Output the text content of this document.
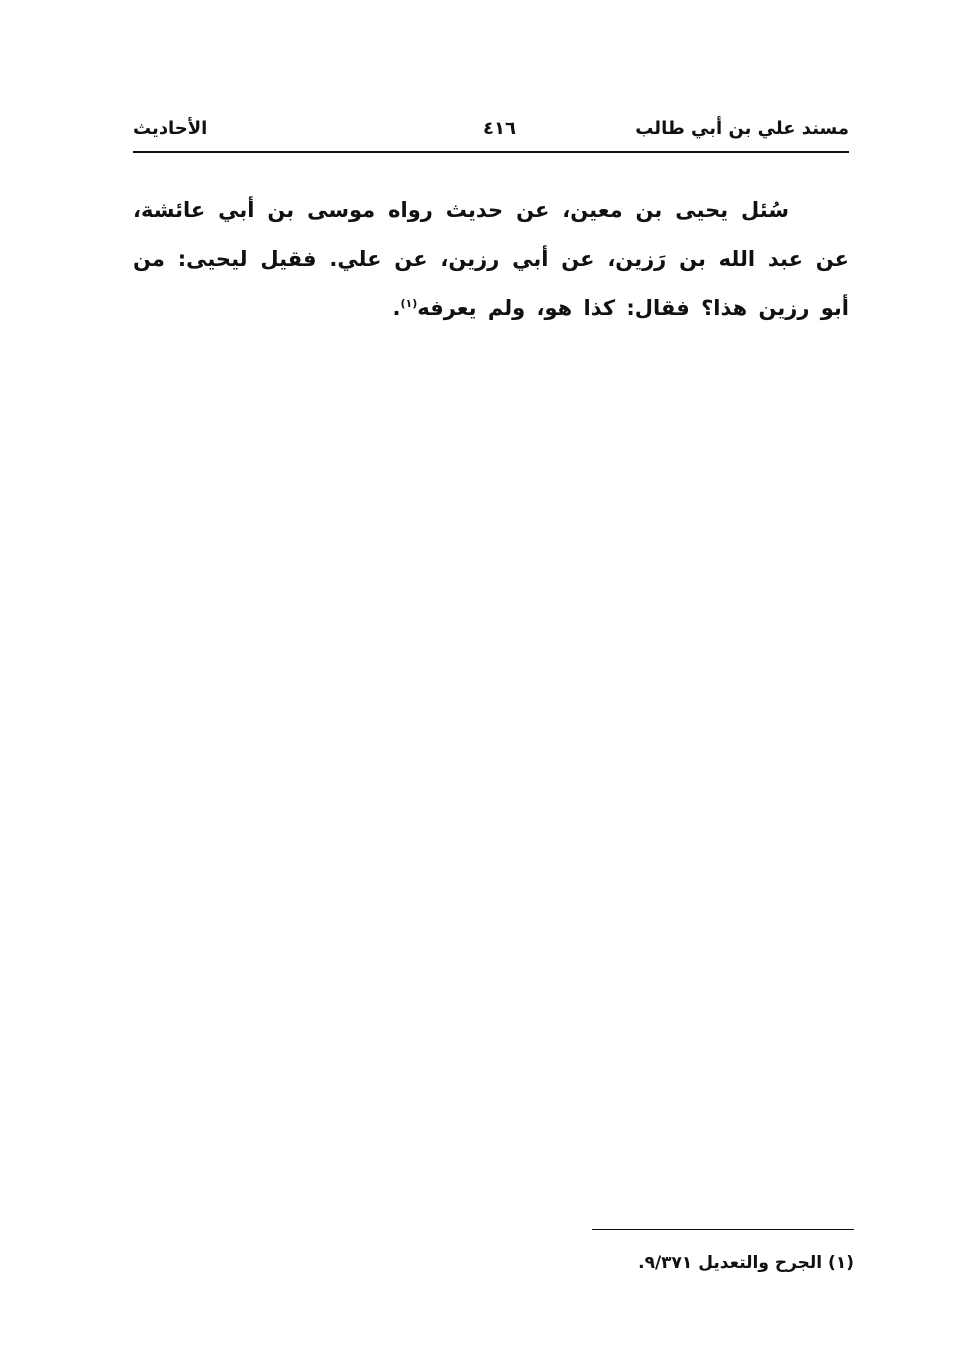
مسند علي بن أبي طالب
٤١٦
الأحاديث
سُئل يحيى بن معين، عن حديث رواه موسى بن أبي عائشة، عن عبد الله بن رَزين، عن أبي رزين، عن علي. فقيل ليحيى: من أبو رزين هذا؟ فقال: كذا هو، ولم يعرفه$^{(١)}$.
(١) الجرح والتعديل ٩/٣٧١.
